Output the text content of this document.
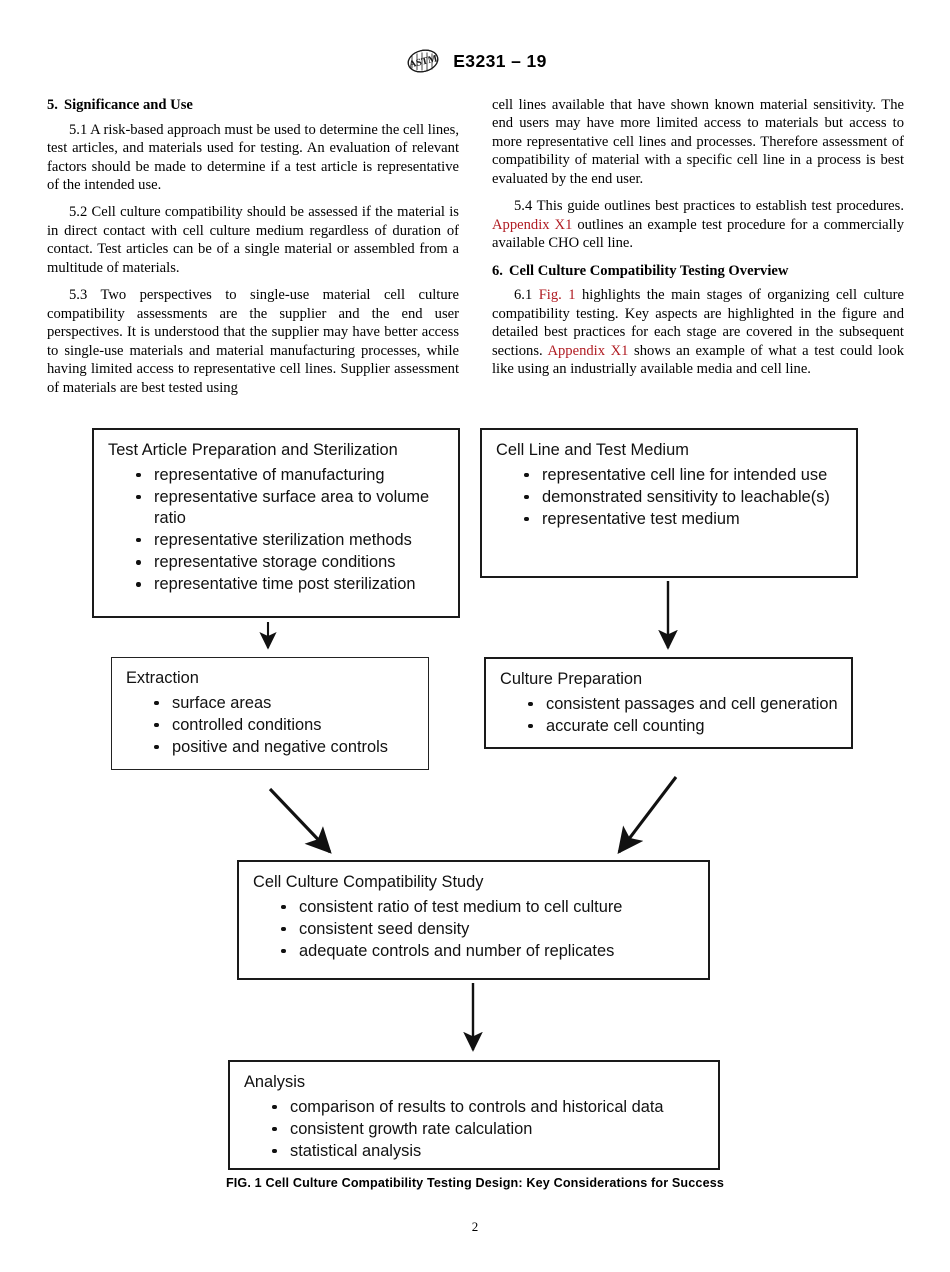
ASTM E3231 – 19
5. Significance and Use

5.1 A risk-based approach must be used to determine the cell lines, test articles, and materials used for testing. An evaluation of relevant factors should be made to determine if a test article is representative of the intended use.

5.2 Cell culture compatibility should be assessed if the material is in direct contact with cell culture medium regardless of duration of contact. Test articles can be of a single material or assembled from a multitude of materials.

5.3 Two perspectives to single-use material cell culture compatibility assessments are the supplier and the end user perspectives. It is understood that the supplier may have better access to single-use materials and material manufacturing processes, while having limited access to representative cell lines. Supplier assessment of materials are best tested using

cell lines available that have shown known material sensitivity. The end users may have more limited access to materials but access to more representative cell lines and processes. Therefore assessment of compatibility of material with a specific cell line in a process is best evaluated by the end user.

5.4 This guide outlines best practices to establish test procedures. Appendix X1 outlines an example test procedure for a commercially available CHO cell line.

6. Cell Culture Compatibility Testing Overview

6.1 Fig. 1 highlights the main stages of organizing cell culture compatibility testing. Key aspects are highlighted in the figure and detailed best practices for each stage are covered in the subsequent sections. Appendix X1 shows an example of what a test could look like using an industrially available media and cell line.

Test Article Preparation and Sterilization
representative of manufacturing
representative surface area to volume ratio
representative sterilization methods
representative storage conditions
representative time post sterilization
Cell Line and Test Medium
representative cell line for intended use
demonstrated sensitivity to leachable(s)
representative test medium
Extraction
surface areas
controlled conditions
positive and negative controls
Culture Preparation
consistent passages and cell generation
accurate cell counting
Cell Culture Compatibility Study
consistent ratio of test medium to cell culture
consistent seed density
adequate controls and number of replicates
Analysis
comparison of results to controls and historical data
consistent growth rate calculation
statistical analysis
FIG. 1 Cell Culture Compatibility Testing Design: Key Considerations for Success
2
